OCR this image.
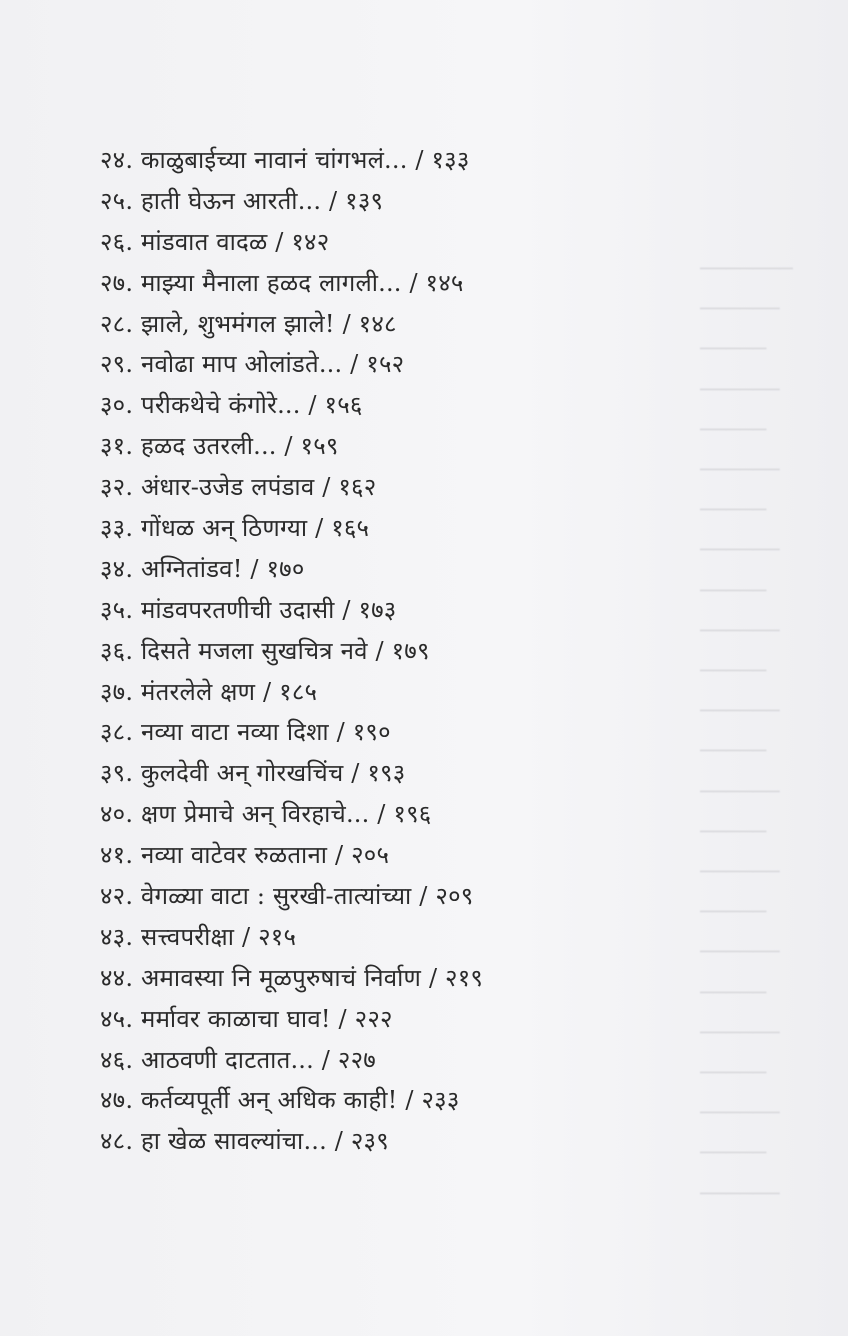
───────
──────
─────
──────
─────
──────
─────
──────
─────
──────
─────
──────
─────
──────
─────
──────
─────
──────
─────
──────
─────
──────
─────
──────
२४. काळुबाईच्या नावानं चांगभलं... / १३३
२५. हाती घेऊन आरती... / १३९
२६. मांडवात वादळ / १४२
२७. माझ्या मैनाला हळद लागली... / १४५
२८. झाले, शुभमंगल झाले! / १४८
२९. नवोढा माप ओलांडते... / १५२
३०. परीकथेचे कंगोरे... / १५६
३१. हळद उतरली... / १५९
३२. अंधार-उजेड लपंडाव / १६२
३३. गोंधळ अन् ठिणग्या / १६५
३४. अग्नितांडव! / १७०
३५. मांडवपरतणीची उदासी / १७३
३६. दिसते मजला सुखचित्र नवे / १७९
३७. मंतरलेले क्षण / १८५
३८. नव्या वाटा नव्या दिशा / १९०
३९. कुलदेवी अन् गोरखचिंच / १९३
४०. क्षण प्रेमाचे अन् विरहाचे... / १९६
४१. नव्या वाटेवर रुळताना / २०५
४२. वेगळ्या वाटा : सुरखी-तात्यांच्या / २०९
४३. सत्त्वपरीक्षा / २१५
४४. अमावस्या नि मूळपुरुषाचं निर्वाण / २१९
४५. मर्मावर काळाचा घाव! / २२२
४६. आठवणी दाटतात... / २२७
४७. कर्तव्यपूर्ती अन् अधिक काही! / २३३
४८. हा खेळ सावल्यांचा... / २३९
